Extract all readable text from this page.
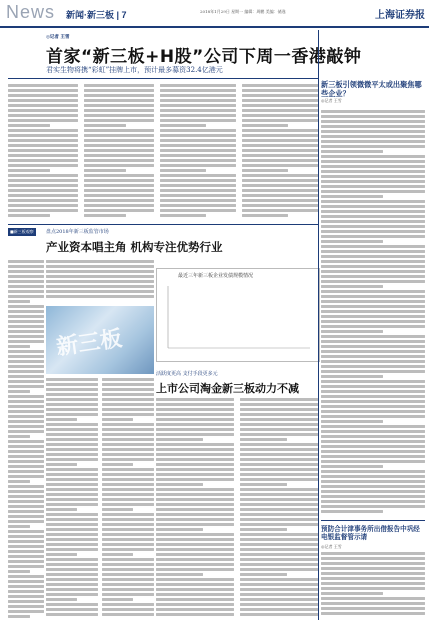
News 新闻·新三板 | 7	2018年1月29日 星期一 编辑：周鹏 美编：储逸	上海证券报
◎记者 王雪
首家“新三板+H股”公司下周一香港敲钟
君实生物将携“彩虹”挂牌上市，预计最多募资32.4亿港元
■新三板观察	盘点2018年新三板监管市场
产业资本唱主角 机构专注优势行业
新三板
最近三年新三板企业发债规模情况
活跃度更高 支付手段更多元
上市公司淘金新三板动力不减
新三板引领微微平太或出聚焦哪些企业？
◎记者 王雪
预防合计津事务所出借报告中巩经电银监督管示请
◎记者 王雪
